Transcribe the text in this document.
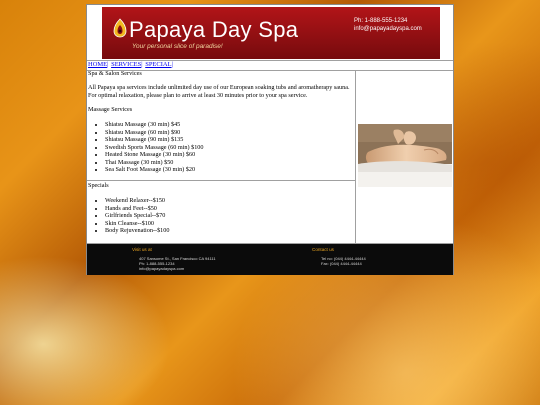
Papaya Day Spa
Your personal slice of paradise!
Ph: 1-888-555-1234
info@papayadayspa.com
HOME| SERVICES| SPECIAL|
Spa & Salon Services
All Papaya spa services include unlimited day use of our European soaking tubs and aromatherapy sauna. For optimal relaxation, please plan to arrive at least 30 minutes prior to your spa service.
Massage Services
• Shiatsu Massage (30 min) $45
• Shiatsu Massage (60 min) $90
• Shiatsu Massage (90 min) $135
• Swedish Sports Massage (60 min) $100
• Heated Stone Massage (30 min) $60
• Thai Massage (30 min) $50
• Sea Salt Foot Massage (30 min) $20
Specials
• Weekend Relaxer--$150
• Hands and Feet--$50
• Girlfriends Special--$70
• Skin Cleanse--$100
• Body Rejuvenation--$100
Visit us at
407 Sansome St., San Francisco CA 94111
Ph: 1-888-555-1234
info@papayadayspa.com
Contact us
Tel no: (044) 4444-44444
Fax: (044) 4444-44444
